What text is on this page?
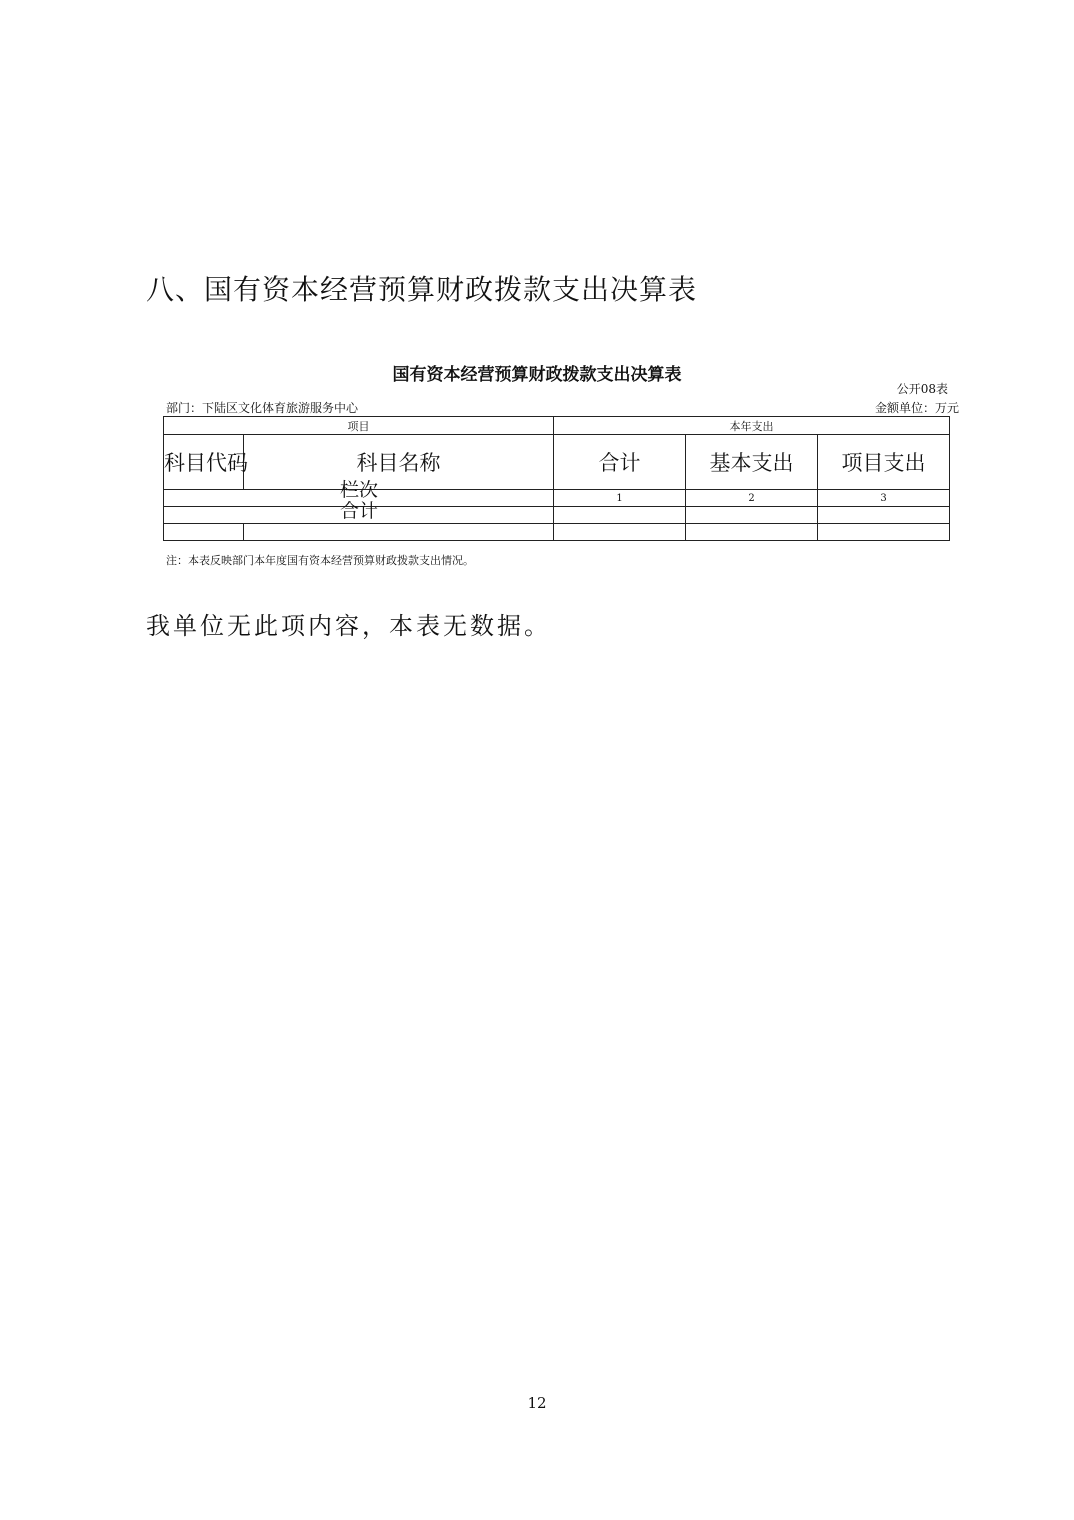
八、国有资本经营预算财政拨款支出决算表
国有资本经营预算财政拨款支出决算表
公开08表
部门：下陆区文化体育旅游服务中心	金额单位：万元
项目		本年支出		
科目代码	科目名称	合计	基本支出	项目支出

栏次		1	2	3

合计				

注：本表反映部门本年度国有资本经营预算财政拨款支出情况。
我单位无此项内容，本表无数据。
12
